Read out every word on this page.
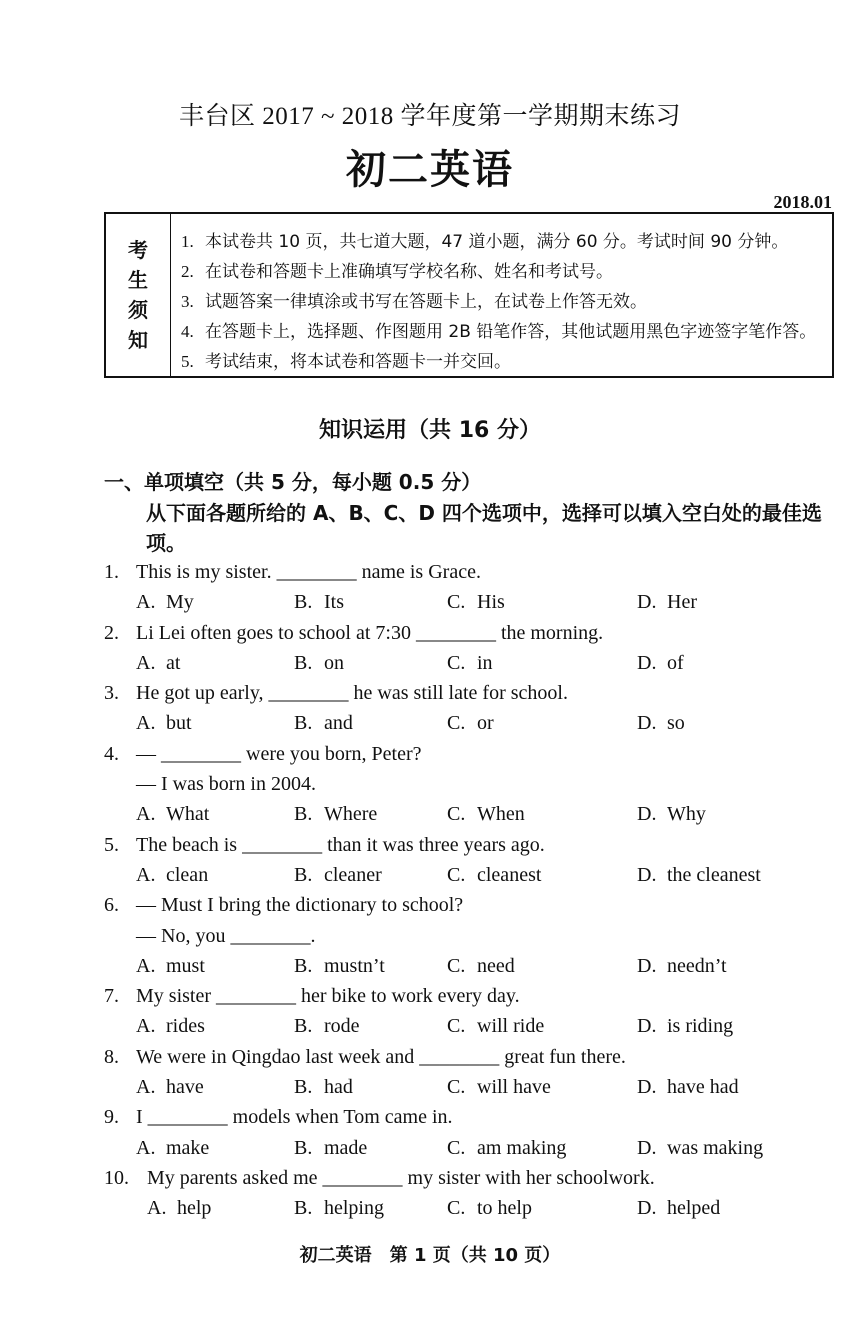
丰台区 2017 ~ 2018 学年度第一学期期末练习
初二英语
2018.01
考
生
须
知
1. 本试卷共 10 页，共七道大题，47 道小题，满分 60 分。考试时间 90 分钟。
2. 在试卷和答题卡上准确填写学校名称、姓名和考试号。
3. 试题答案一律填涂或书写在答题卡上，在试卷上作答无效。
4. 在答题卡上，选择题、作图题用 2B 铅笔作答，其他试题用黑色字迹签字笔作答。
5. 考试结束，将本试卷和答题卡一并交回。
知识运用（共 16 分）
一、单项填空（共 5 分，每小题 0.5 分）
从下面各题所给的 A、B、C、D 四个选项中，选择可以填入空白处的最佳选项。
1. This is my sister. ________ name is Grace.
A. My	B. Its	C. His	D. Her
2. Li Lei often goes to school at 7:30 ________ the morning.
A. at	B. on	C. in	D. of
3. He got up early, ________ he was still late for school.
A. but	B. and	C. or	D. so
4. — ________ were you born, Peter?
— I was born in 2004.
A. What	B. Where	C. When	D. Why
5. The beach is ________ than it was three years ago.
A. clean	B. cleaner	C. cleanest	D. the cleanest
6. — Must I bring the dictionary to school?
— No, you ________.
A. must	B. mustn’t	C. need	D. needn’t
7. My sister ________ her bike to work every day.
A. rides	B. rode	C. will ride	D. is riding
8. We were in Qingdao last week and ________ great fun there.
A. have	B. had	C. will have	D. have had
9. I ________ models when Tom came in.
A. make	B. made	C. am making	D. was making
10. My parents asked me ________ my sister with her schoolwork.
A. help	B. helping	C. to help	D. helped
初二英语　第 1 页（共 10 页）
